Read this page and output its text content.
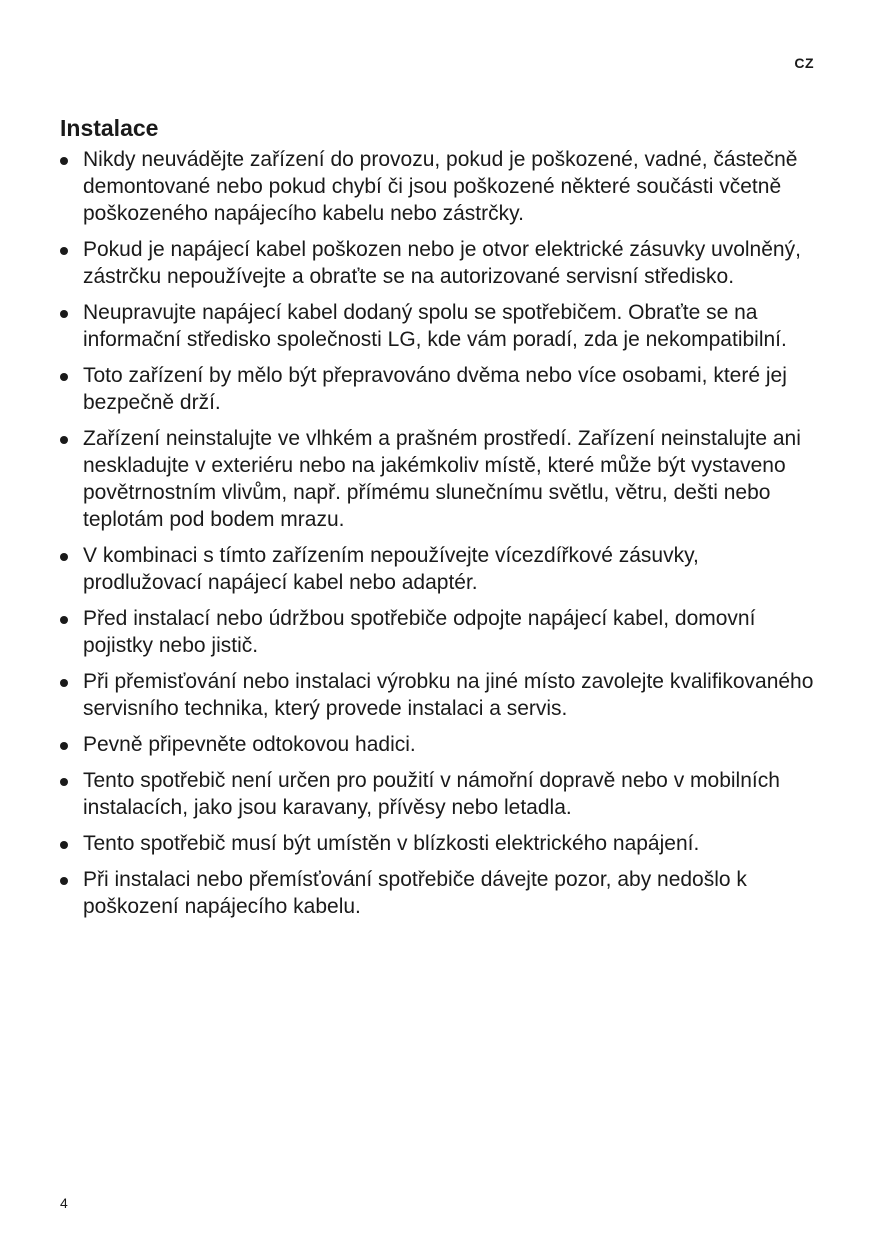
CZ
Instalace
Nikdy neuvádějte zařízení do provozu, pokud je poškozené, vadné, částečně demontované nebo pokud chybí či jsou poškozené některé součásti včetně poškozeného napájecího kabelu nebo zástrčky.
Pokud je napájecí kabel poškozen nebo je otvor elektrické zásuvky uvolněný, zástrčku nepoužívejte a obraťte se na autorizované servisní středisko.
Neupravujte napájecí kabel dodaný spolu se spotřebičem. Obraťte se na informační středisko společnosti LG, kde vám poradí, zda je nekompatibilní.
Toto zařízení by mělo být přepravováno dvěma nebo více osobami, které jej bezpečně drží.
Zařízení neinstalujte ve vlhkém a prašném prostředí. Zařízení neinstalujte ani neskladujte v exteriéru nebo na jakémkoliv místě, které může být vystaveno povětrnostním vlivům, např. přímému slunečnímu světlu, větru, dešti nebo teplotám pod bodem mrazu.
V kombinaci s tímto zařízením nepoužívejte vícezdířkové zásuvky, prodlužovací napájecí kabel nebo adaptér.
Před instalací nebo údržbou spotřebiče odpojte napájecí kabel, domovní pojistky nebo jistič.
Při přemisťování nebo instalaci výrobku na jiné místo zavolejte kvalifikovaného servisního technika, který provede instalaci a servis.
Pevně připevněte odtokovou hadici.
Tento spotřebič není určen pro použití v námořní dopravě nebo v mobilních instalacích, jako jsou karavany, přívěsy nebo letadla.
Tento spotřebič musí být umístěn v blízkosti elektrického napájení.
Při instalaci nebo přemísťování spotřebiče dávejte pozor, aby nedošlo k poškození napájecího kabelu.
4
